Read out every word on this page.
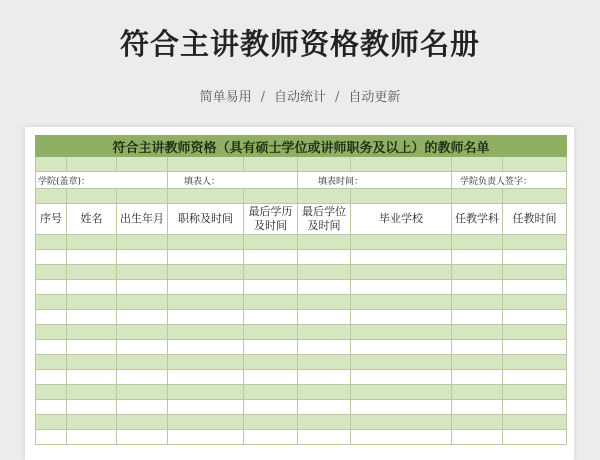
符合主讲教师资格教师名册
简单易用 / 自动统计 / 自动更新
符合主讲教师资格（具有硕士学位或讲师职务及以上）的教师名单								

学院(盖章)：			填表人：		填表时间：		学院负责人签字：	

序号	姓名	出生年月	职称及时间	最后学历及时间	最后学位及时间	毕业学校	任教学科	任教时间
